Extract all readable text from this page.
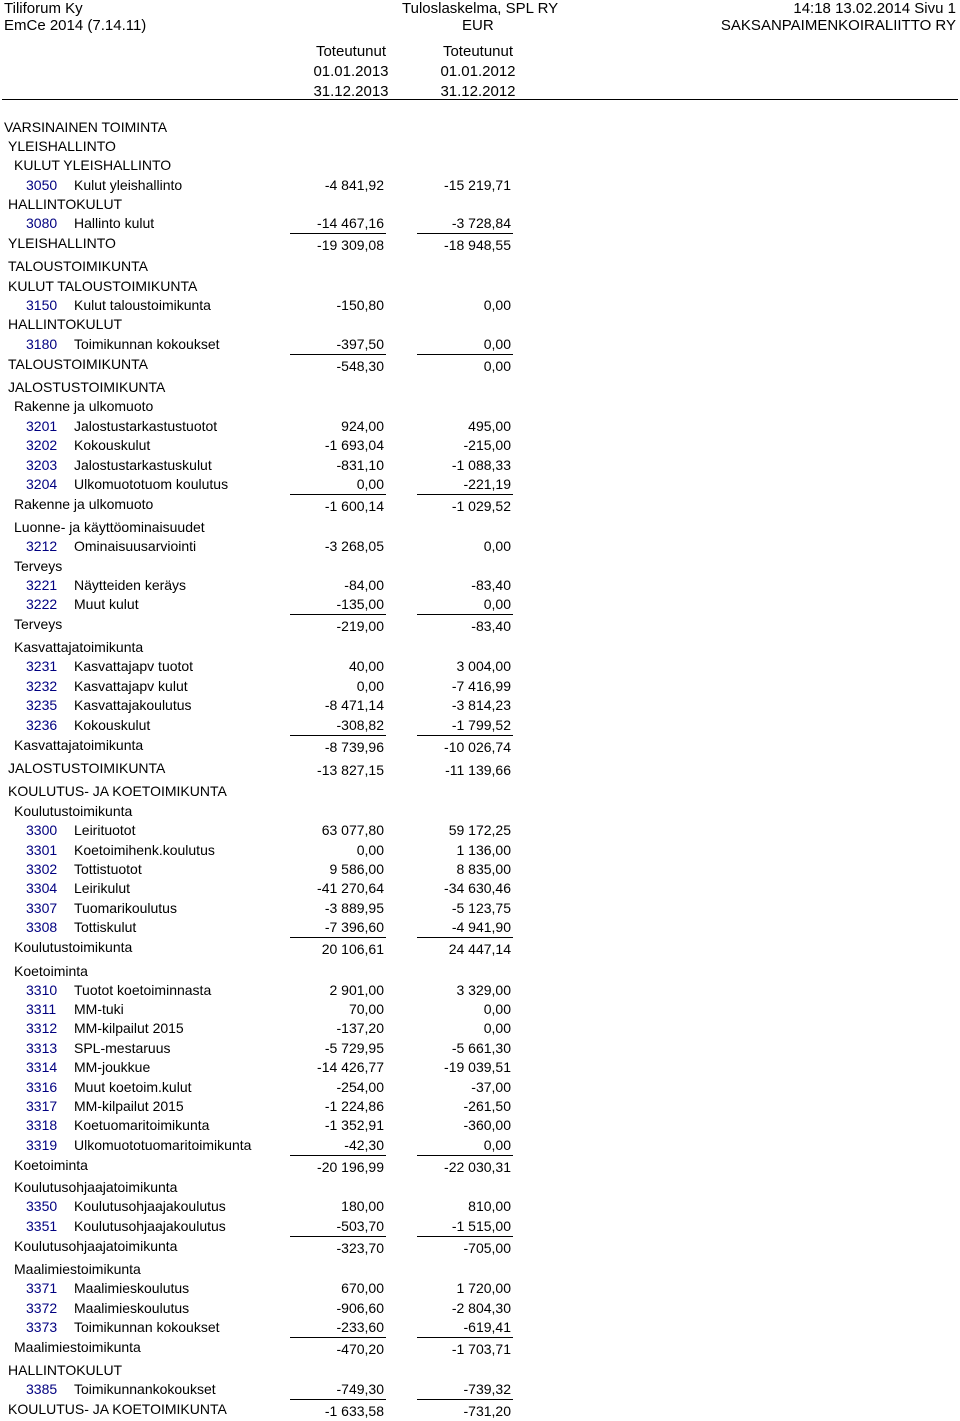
Tiliforum Ky
EmCe 2014 (7.14.11)
Tuloslaskelma, SPL RY
EUR
14:18 13.02.2014 Sivu 1
SAKSANPAIMENKOIRALIITTO RY
Toteutunut
01.01.2013
31.12.2013
Toteutunut
01.01.2012
31.12.2012
VARSINAINEN TOIMINTA
YLEISHALLINTO
KULUT YLEISHALLINTO
3050 Kulut yleishallinto	-4 841,92	-15 219,71
HALLINTOKULUT
3080 Hallinto kulut	-14 467,16	-3 728,84
YLEISHALLINTO	-19 309,08	-18 948,55
TALOUSTOIMIKUNTA
KULUT TALOUSTOIMIKUNTA
3150 Kulut taloustoimikunta	-150,80	0,00
HALLINTOKULUT
3180 Toimikunnan kokoukset	-397,50	0,00
TALOUSTOIMIKUNTA	-548,30	0,00
JALOSTUSTOIMIKUNTA
Rakenne ja ulkomuoto
3201 Jalostustarkastustuotot	924,00	495,00
3202 Kokouskulut	-1 693,04	-215,00
3203 Jalostustarkastuskulut	-831,10	-1 088,33
3204 Ulkomuototuom koulutus	0,00	-221,19
Rakenne ja ulkomuoto	-1 600,14	-1 029,52
Luonne- ja käyttöominaisuudet
3212 Ominaisuusarviointi	-3 268,05	0,00
Terveys
3221 Näytteiden keräys	-84,00	-83,40
3222 Muut kulut	-135,00	0,00
Terveys	-219,00	-83,40
Kasvattajatoimikunta
3231 Kasvattajapv tuotot	40,00	3 004,00
3232 Kasvattajapv kulut	0,00	-7 416,99
3235 Kasvattajakoulutus	-8 471,14	-3 814,23
3236 Kokouskulut	-308,82	-1 799,52
Kasvattajatoimikunta	-8 739,96	-10 026,74
JALOSTUSTOIMIKUNTA	-13 827,15	-11 139,66
KOULUTUS- JA KOETOIMIKUNTA
Koulutustoimikunta
3300 Leirituotot	63 077,80	59 172,25
3301 Koetoimihenk.koulutus	0,00	1 136,00
3302 Tottistuotot	9 586,00	8 835,00
3304 Leirikulut	-41 270,64	-34 630,46
3307 Tuomarikoulutus	-3 889,95	-5 123,75
3308 Tottiskulut	-7 396,60	-4 941,90
Koulutustoimikunta	20 106,61	24 447,14
Koetoiminta
3310 Tuotot koetoiminnasta	2 901,00	3 329,00
3311 MM-tuki	70,00	0,00
3312 MM-kilpailut 2015	-137,20	0,00
3313 SPL-mestaruus	-5 729,95	-5 661,30
3314 MM-joukkue	-14 426,77	-19 039,51
3316 Muut koetoim.kulut	-254,00	-37,00
3317 MM-kilpailut 2015	-1 224,86	-261,50
3318 Koetuomaritoimikunta	-1 352,91	-360,00
3319 Ulkomuototuomaritoimikunta	-42,30	0,00
Koetoiminta	-20 196,99	-22 030,31
Koulutusohjaajatoimikunta
3350 Koulutusohjaajakoulutus	180,00	810,00
3351 Koulutusohjaajakoulutus	-503,70	-1 515,00
Koulutusohjaajatoimikunta	-323,70	-705,00
Maalimiestoimikunta
3371 Maalimieskoulutus	670,00	1 720,00
3372 Maalimieskoulutus	-906,60	-2 804,30
3373 Toimikunnan kokoukset	-233,60	-619,41
Maalimiestoimikunta	-470,20	-1 703,71
HALLINTOKULUT
3385 Toimikunnankokoukset	-749,30	-739,32
KOULUTUS- JA KOETOIMIKUNTA	-1 633,58	-731,20
